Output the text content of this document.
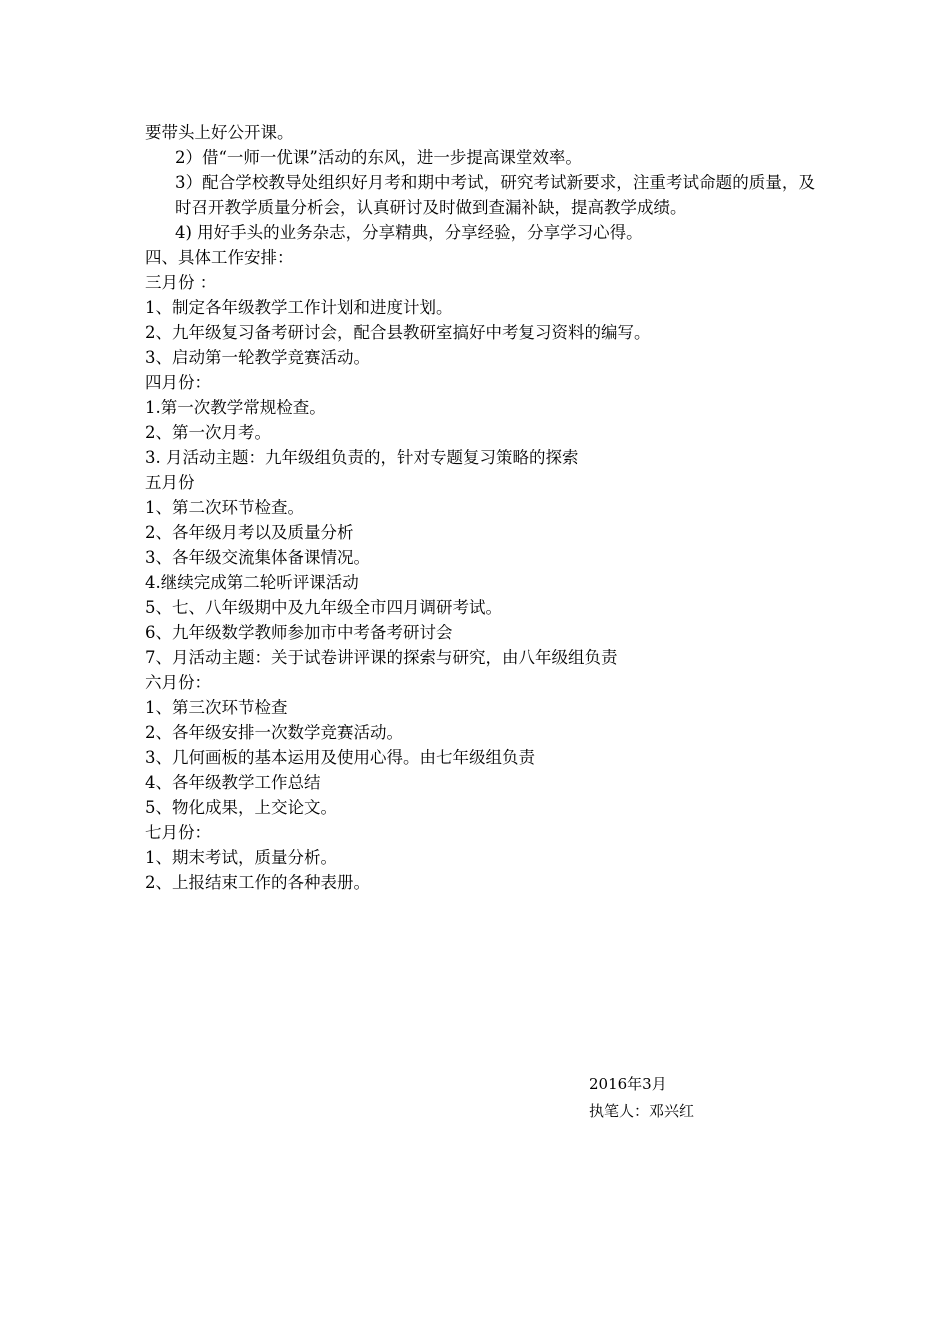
要带头上好公开课。
2）借“一师一优课”活动的东风，进一步提高课堂效率。
3）配合学校教导处组织好月考和期中考试，研究考试新要求，注重考试命题的质量，及时召开教学质量分析会，认真研讨及时做到查漏补缺，提高教学成绩。
4) 用好手头的业务杂志，分享精典，分享经验，分享学习心得。
四、具体工作安排：
三月份 ：
1、制定各年级教学工作计划和进度计划。
2、九年级复习备考研讨会，配合县教研室搞好中考复习资料的编写。
3、启动第一轮教学竞赛活动。
四月份：
1.第一次教学常规检查。
2、第一次月考。
3. 月活动主题：九年级组负责的，针对专题复习策略的探索
五月份
1、第二次环节检查。
2、各年级月考以及质量分析
3、各年级交流集体备课情况。
4.继续完成第二轮听评课活动
5、七、八年级期中及九年级全市四月调研考试。
6、九年级数学教师参加市中考备考研讨会
7、月活动主题：关于试卷讲评课的探索与研究，由八年级组负责
六月份：
1、第三次环节检查
2、各年级安排一次数学竞赛活动。
3、几何画板的基本运用及使用心得。由七年级组负责
4、各年级教学工作总结
5、物化成果，上交论文。
七月份：
1、期末考试，质量分析。
2、上报结束工作的各种表册。
2016年3月
执笔人：邓兴红
